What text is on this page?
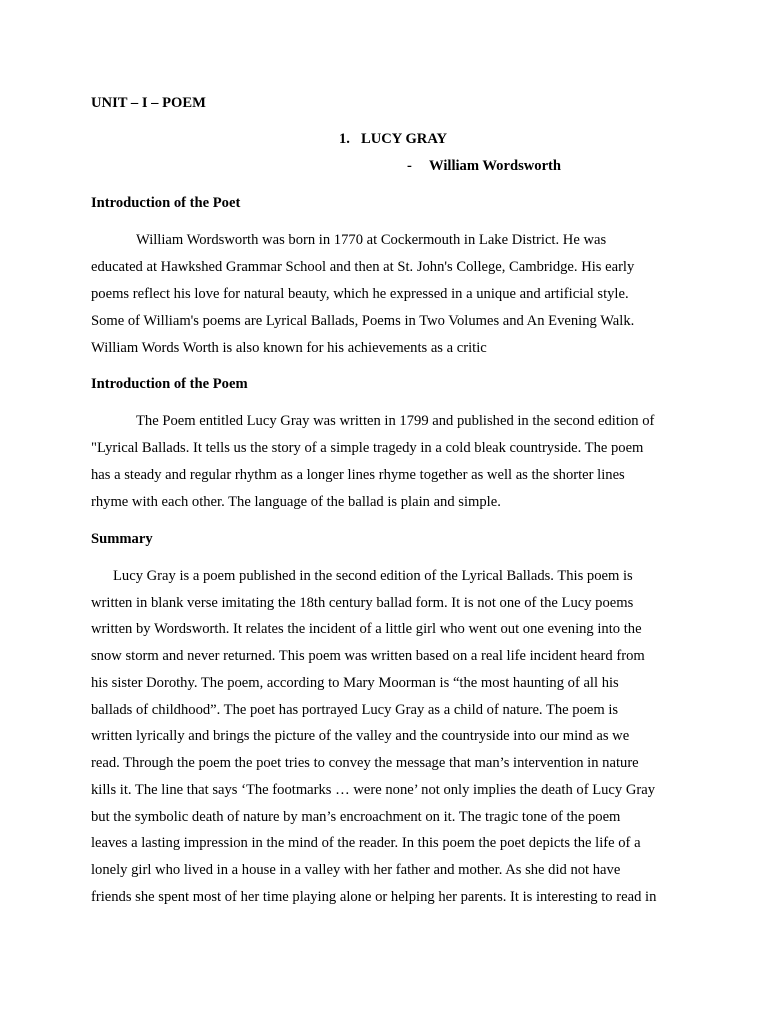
UNIT – I – POEM
1. LUCY GRAY
- William Wordsworth
Introduction of the Poet
William Wordsworth was born in 1770 at Cockermouth in Lake District. He was
educated at Hawkshed Grammar School and then at St. John's College, Cambridge. His early
poems reflect his love for natural beauty, which he expressed in a unique and artificial style.
Some of William's poems are Lyrical Ballads, Poems in Two Volumes and An Evening Walk.
William Words Worth is also known for his achievements as a critic
Introduction of the Poem
The Poem entitled Lucy Gray was written in 1799 and published in the second edition of
"Lyrical Ballads. It tells us the story of a simple tragedy in a cold bleak countryside. The poem
has a steady and regular rhythm as a longer lines rhyme together as well as the shorter lines
rhyme with each other. The language of the ballad is plain and simple.
Summary
Lucy Gray is a poem published in the second edition of the Lyrical Ballads. This poem is
written in blank verse imitating the 18th century ballad form. It is not one of the Lucy poems
written by Wordsworth. It relates the incident of a little girl who went out one evening into the
snow storm and never returned. This poem was written based on a real life incident heard from
his sister Dorothy. The poem, according to Mary Moorman is “the most haunting of all his
ballads of childhood”. The poet has portrayed Lucy Gray as a child of nature. The poem is
written lyrically and brings the picture of the valley and the countryside into our mind as we
read. Through the poem the poet tries to convey the message that man’s intervention in nature
kills it. The line that says ‘The footmarks … were none’ not only implies the death of Lucy Gray
but the symbolic death of nature by man’s encroachment on it. The tragic tone of the poem
leaves a lasting impression in the mind of the reader. In this poem the poet depicts the life of a
lonely girl who lived in a house in a valley with her father and mother. As she did not have
friends she spent most of her time playing alone or helping her parents. It is interesting to read in
